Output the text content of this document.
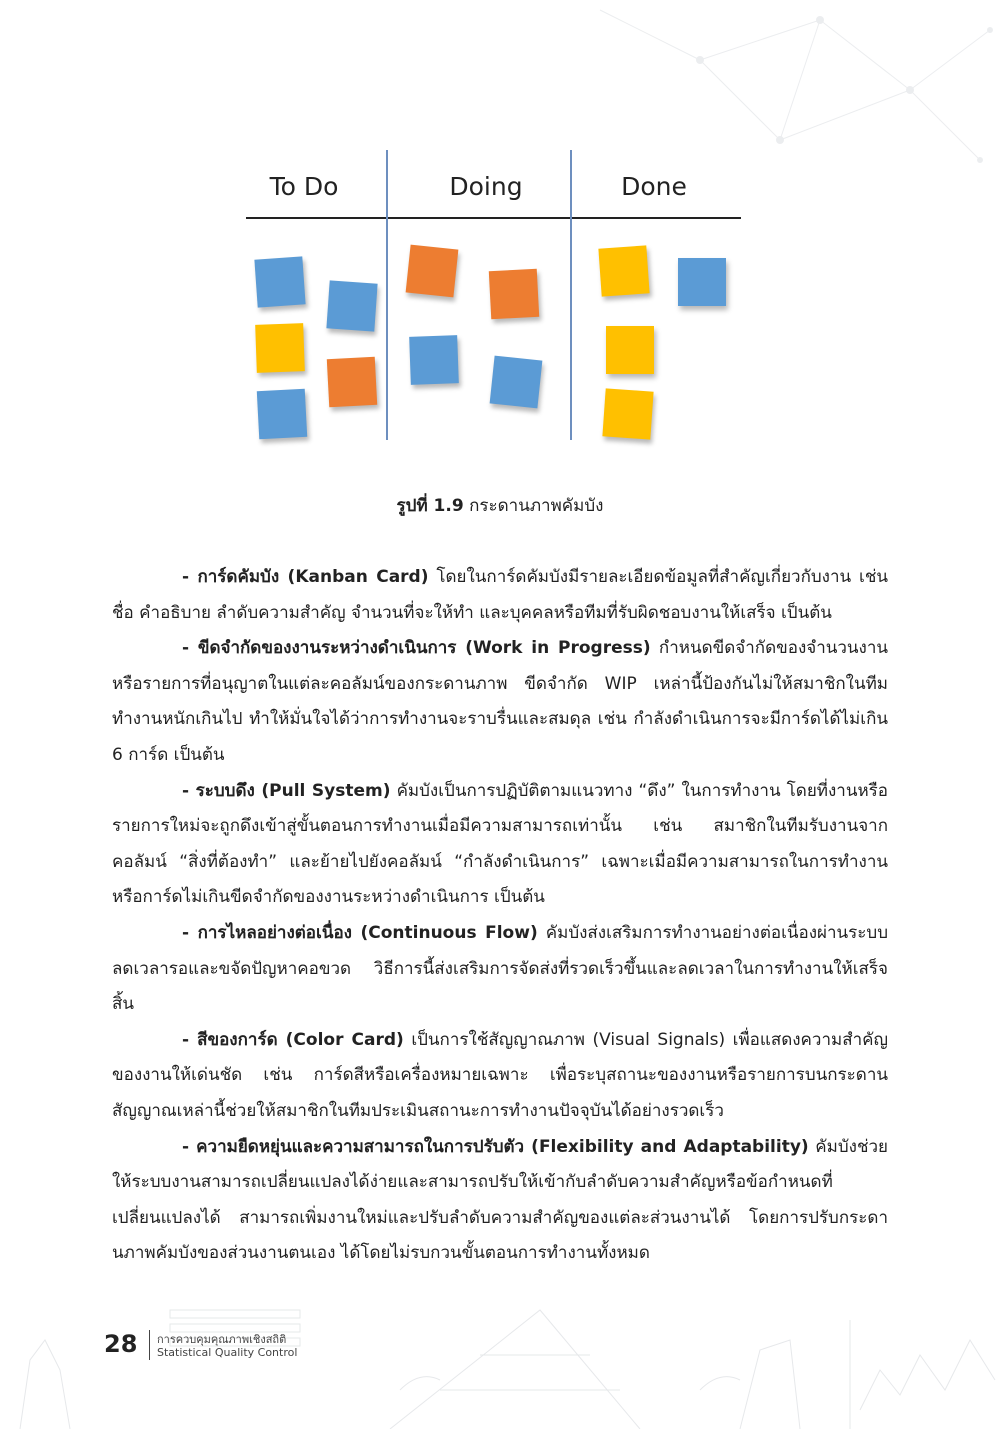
To Do	Doing	Done
รูปที่ 1.9 กระดานภาพคัมบัง

- การ์ดคัมบัง (Kanban Card) โดยในการ์ดคัมบังมีรายละเอียดข้อมูลที่สำคัญเกี่ยวกับงาน เช่น ชื่อ คำอธิบาย ลำดับความสำคัญ จำนวนที่จะให้ทำ และบุคคลหรือทีมที่รับผิดชอบงานให้เสร็จ เป็นต้น

- ขีดจำกัดของงานระหว่างดำเนินการ (Work in Progress) กำหนดขีดจำกัดของจำนวนงานหรือรายการที่อนุญาตในแต่ละคอลัมน์ของกระดานภาพ ขีดจำกัด WIP เหล่านี้ป้องกันไม่ให้สมาชิกในทีมทำงานหนักเกินไป ทำให้มั่นใจได้ว่าการทำงานจะราบรื่นและสมดุล เช่น กำลังดำเนินการจะมีการ์ดได้ไม่เกิน 6 การ์ด เป็นต้น

- ระบบดึง (Pull System) คัมบังเป็นการปฏิบัติตามแนวทาง “ดึง” ในการทำงาน โดยที่งานหรือรายการใหม่จะถูกดึงเข้าสู่ขั้นตอนการทำงานเมื่อมีความสามารถเท่านั้น เช่น สมาชิกในทีมรับงานจากคอลัมน์ “สิ่งที่ต้องทำ” และย้ายไปยังคอลัมน์ “กำลังดำเนินการ” เฉพาะเมื่อมีความสามารถในการทำงานหรือการ์ดไม่เกินขีดจำกัดของงานระหว่างดำเนินการ เป็นต้น

- การไหลอย่างต่อเนื่อง (Continuous Flow) คัมบังส่งเสริมการทำงานอย่างต่อเนื่องผ่านระบบ ลดเวลารอและขจัดปัญหาคอขวด วิธีการนี้ส่งเสริมการจัดส่งที่รวดเร็วขึ้นและลดเวลาในการทำงานให้เสร็จสิ้น

- สีของการ์ด (Color Card) เป็นการใช้สัญญาณภาพ (Visual Signals) เพื่อแสดงความสำคัญของงานให้เด่นชัด เช่น การ์ดสีหรือเครื่องหมายเฉพาะ เพื่อระบุสถานะของงานหรือรายการบนกระดานสัญญาณเหล่านี้ช่วยให้สมาชิกในทีมประเมินสถานะการทำงานปัจจุบันได้อย่างรวดเร็ว

- ความยืดหยุ่นและความสามารถในการปรับตัว (Flexibility and Adaptability) คัมบังช่วยให้ระบบงานสามารถเปลี่ยนแปลงได้ง่ายและสามารถปรับให้เข้ากับลำดับความสำคัญหรือข้อกำหนดที่เปลี่ยนแปลงได้ สามารถเพิ่มงานใหม่และปรับลำดับความสำคัญของแต่ละส่วนงานได้ โดยการปรับกระดานภาพคัมบังของส่วนงานตนเอง ได้โดยไม่รบกวนขั้นตอนการทำงานทั้งหมด

28 การควบคุมคุณภาพเชิงสถิติ
Statistical Quality Control
